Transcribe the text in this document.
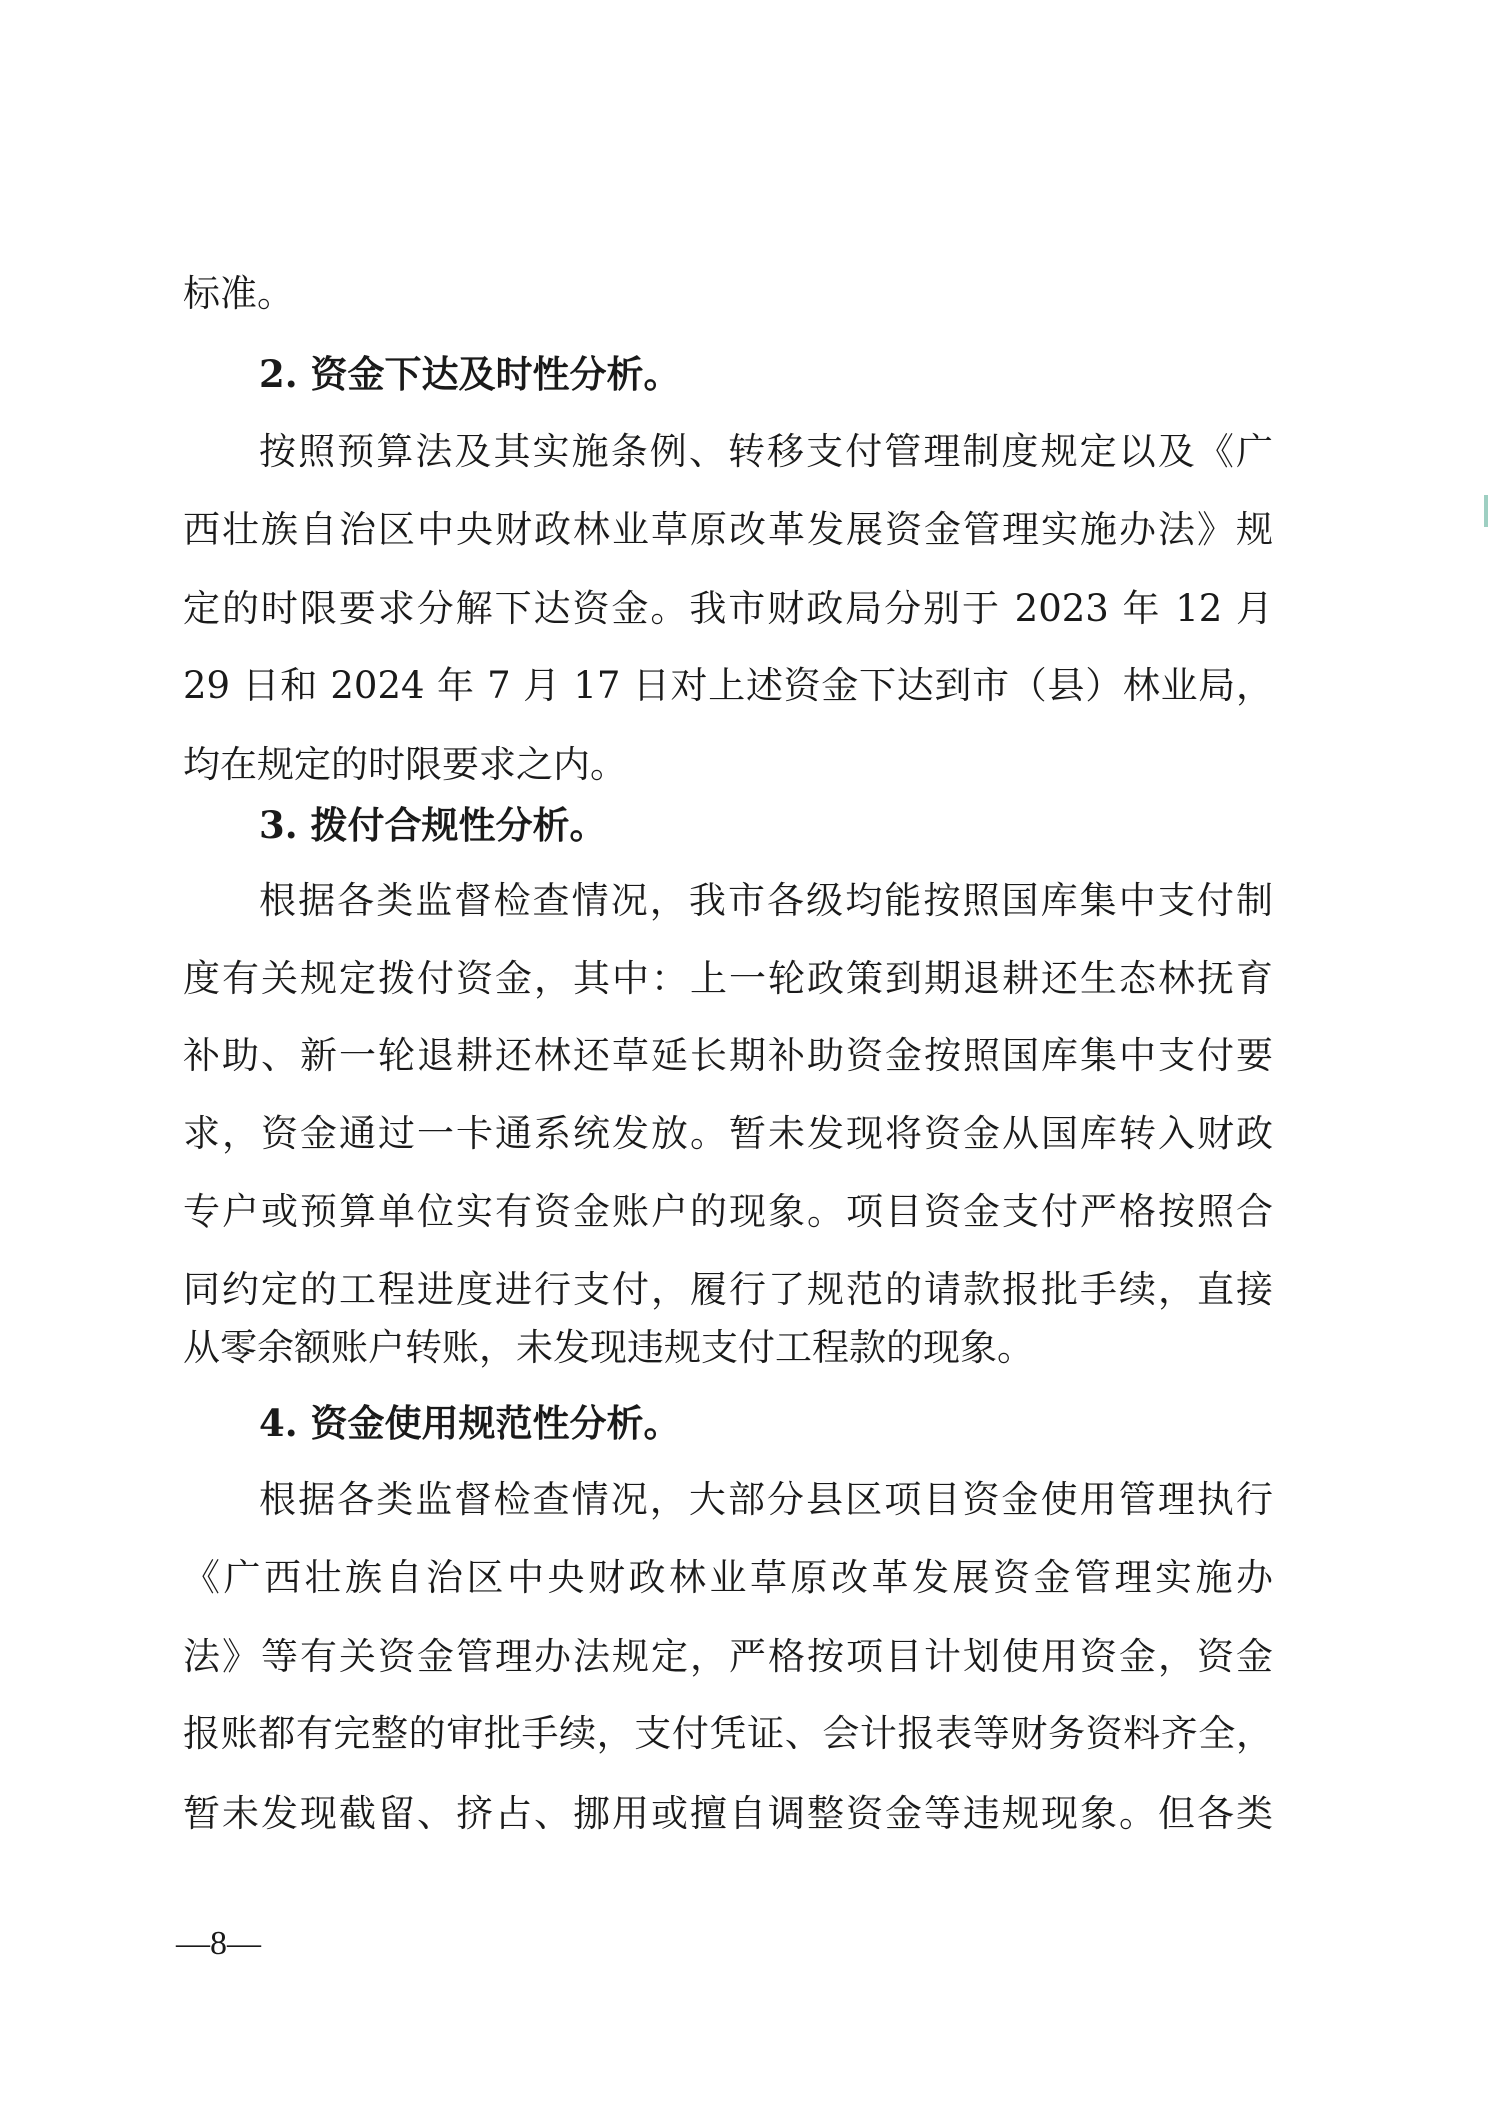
标准。
2. 资金下达及时性分析。
按照预算法及其实施条例、转移支付管理制度规定以及《广
西壮族自治区中央财政林业草原改革发展资金管理实施办法》规
定的时限要求分解下达资金。我市财政局分别于 2023 年 12 月
29 日和 2024 年 7 月 17 日对上述资金下达到市（县）林业局，
均在规定的时限要求之内。
3. 拨付合规性分析。
根据各类监督检查情况，我市各级均能按照国库集中支付制
度有关规定拨付资金，其中：上一轮政策到期退耕还生态林抚育
补助、新一轮退耕还林还草延长期补助资金按照国库集中支付要
求，资金通过一卡通系统发放。暂未发现将资金从国库转入财政
专户或预算单位实有资金账户的现象。项目资金支付严格按照合
同约定的工程进度进行支付，履行了规范的请款报批手续，直接
从零余额账户转账，未发现违规支付工程款的现象。
4. 资金使用规范性分析。
根据各类监督检查情况，大部分县区项目资金使用管理执行
《广西壮族自治区中央财政林业草原改革发展资金管理实施办
法》等有关资金管理办法规定，严格按项目计划使用资金，资金
报账都有完整的审批手续，支付凭证、会计报表等财务资料齐全，
暂未发现截留、挤占、挪用或擅自调整资金等违规现象。但各类
—8—
